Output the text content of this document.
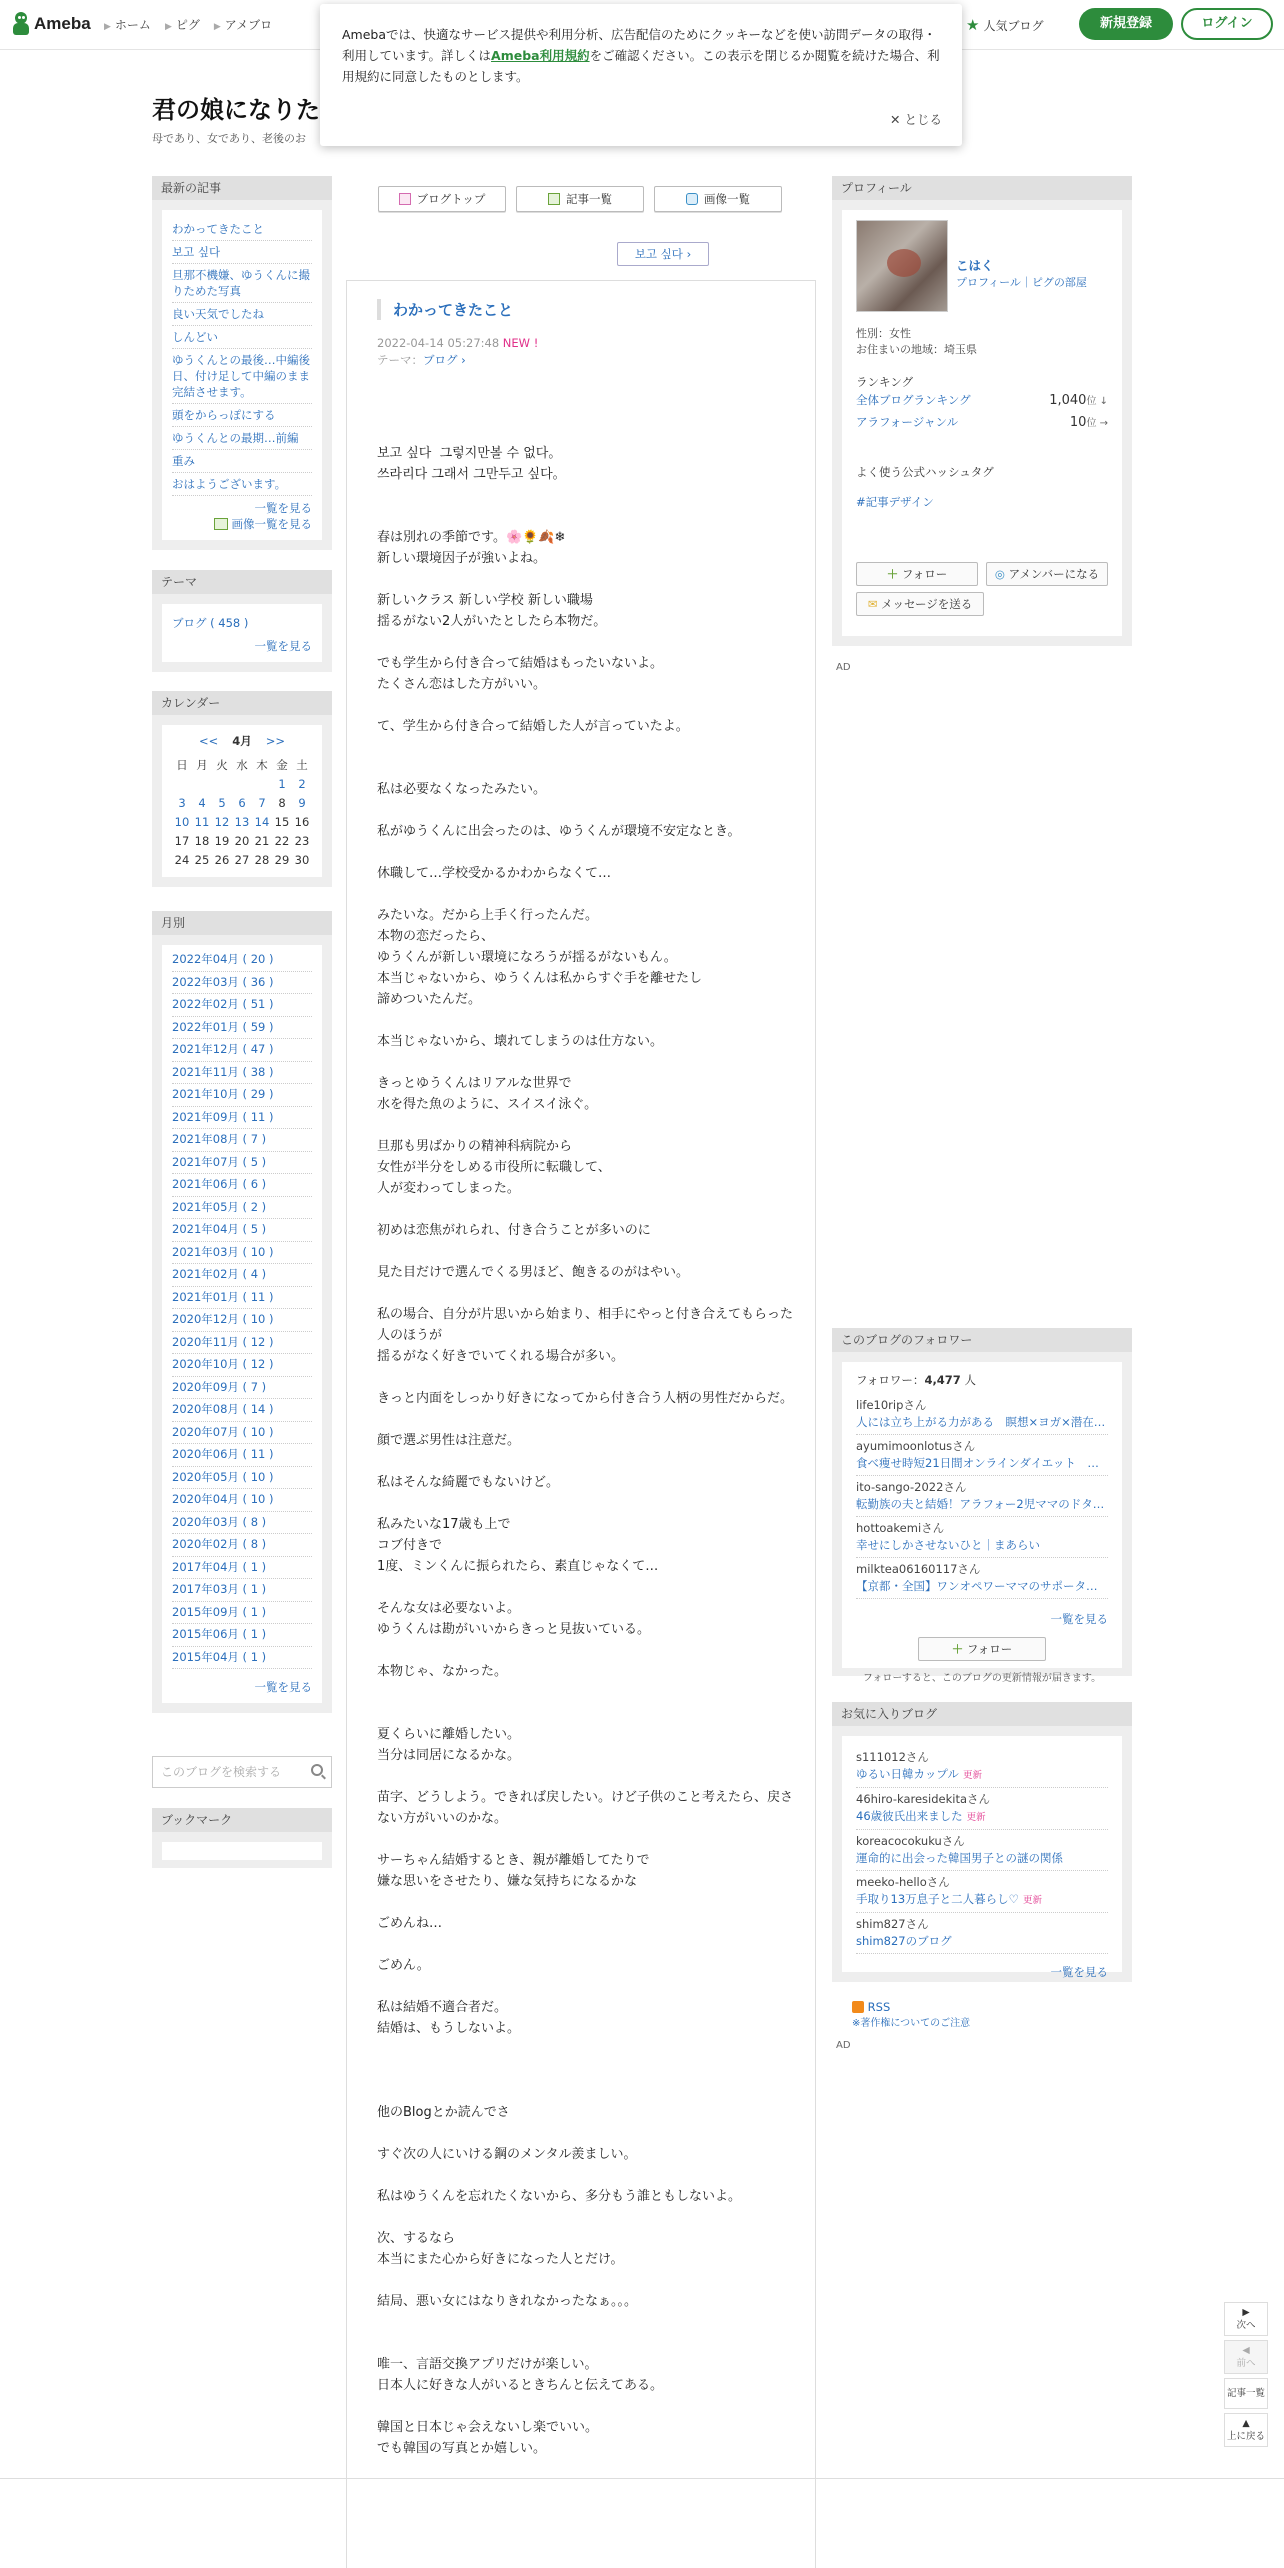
Ameba ▶ ホーム ▶ ピグ ▶ アメブロ	★ 人気ブログ	新規登録	ログイン
Amebaでは、快適なサービス提供や利用分析、広告配信のためにクッキーなどを使い訪問データの取得・利用しています。詳しくはAmeba利用規約をご確認ください。この表示を閉じるか閲覧を続けた場合、利用規約に同意したものとします。
✕ とじる
君の娘になりた
母であり、女であり、老後のお
最新の記事
わかってきたこと
보고 싶다
旦那不機嫌、ゆうくんに撮りためた写真
良い天気でしたね
しんどい
ゆうくんとの最後…中編後日、付け足して中編のまま完結させます。
頭をからっぽにする
ゆうくんとの最期…前編
重み
おはようございます。
一覧を見る
画像一覧を見る
テーマ
ブログ ( 458 )
一覧を見る
カレンダー
<< 4月 >>
日	月	火	水	木	金	土
					1	2
3	4	5	6	7	8	9
10	11	12	13	14	15	16
17	18	19	20	21	22	23
24	25	26	27	28	29	30
月別
2022年04月 ( 20 )
2022年03月 ( 36 )
2022年02月 ( 51 )
2022年01月 ( 59 )
2021年12月 ( 47 )
2021年11月 ( 38 )
2021年10月 ( 29 )
2021年09月 ( 11 )
2021年08月 ( 7 )
2021年07月 ( 5 )
2021年06月 ( 6 )
2021年05月 ( 2 )
2021年04月 ( 5 )
2021年03月 ( 10 )
2021年02月 ( 4 )
2021年01月 ( 11 )
2020年12月 ( 10 )
2020年11月 ( 12 )
2020年10月 ( 12 )
2020年09月 ( 7 )
2020年08月 ( 14 )
2020年07月 ( 10 )
2020年06月 ( 11 )
2020年05月 ( 10 )
2020年04月 ( 10 )
2020年03月 ( 8 )
2020年02月 ( 8 )
2017年04月 ( 1 )
2017年03月 ( 1 )
2015年09月 ( 1 )
2015年06月 ( 1 )
2015年04月 ( 1 )
一覧を見る
このブログを検索する
ブックマーク
ブログトップ	記事一覧	画像一覧
보고 싶다 ›
わかってきたこと
2022-04-14 05:27:48 NEW !
テーマ：ブログ ›

보고 싶다  그렇지만볼 수 없다。

쓰라리다 그래서 그만두고 싶다。

春は別れの季節です。🌸🌻🍂❄

新しい環境因子が強いよね。

新しいクラス 新しい学校 新しい職場

揺るがない2人がいたとしたら本物だ。

でも学生から付き合って結婚はもったいないよ。

たくさん恋はした方がいい。

て、学生から付き合って結婚した人が言っていたよ。

私は必要なくなったみたい。

私がゆうくんに出会ったのは、ゆうくんが環境不安定なとき。

休職して…学校受かるかわからなくて…

みたいな。だから上手く行ったんだ。

本物の恋だったら、

ゆうくんが新しい環境になろうが揺るがないもん。

本当じゃないから、ゆうくんは私からすぐ手を離せたし

諦めついたんだ。

本当じゃないから、壊れてしまうのは仕方ない。

きっとゆうくんはリアルな世界で

水を得た魚のように、スイスイ泳ぐ。

旦那も男ばかりの精神科病院から

女性が半分をしめる市役所に転職して、

人が変わってしまった。

初めは恋焦がれられ、付き合うことが多いのに

見た目だけで選んでくる男ほど、飽きるのがはやい。

私の場合、自分が片思いから始まり、相手にやっと付き合えてもらった人のほうが

揺るがなく好きでいてくれる場合が多い。

きっと内面をしっかり好きになってから付き合う人柄の男性だからだ。

顔で選ぶ男性は注意だ。

私はそんな綺麗でもないけど。

私みたいな17歳も上で

コブ付きで

1度、ミンくんに振られたら、素直じゃなくて…

そんな女は必要ないよ。

ゆうくんは勘がいいからきっと見抜いている。

本物じゃ、なかった。

夏くらいに離婚したい。

当分は同居になるかな。

苗字、どうしよう。できれば戻したい。けど子供のこと考えたら、戻さない方がいいのかな。

サーちゃん結婚するとき、親が離婚してたりで

嫌な思いをさせたり、嫌な気持ちになるかな

ごめんね…

ごめん。

私は結婚不適合者だ。

結婚は、もうしないよ。

他のBlogとか読んでさ

すぐ次の人にいける鋼のメンタル羨ましい。

私はゆうくんを忘れたくないから、多分もう誰ともしないよ。

次、するなら

本当にまた心から好きになった人とだけ。

結局、悪い女にはなりきれなかったなぁ。。。

唯一、言語交換アプリだけが楽しい。

日本人に好きな人がいるときちんと伝えてある。

韓国と日本じゃ会えないし楽でいい。

でも韓国の写真とか嬉しい。

プロフィール
こはく
プロフィール｜ピグの部屋
性別：女性
お住まいの地域：埼玉県
ランキング
全体ブログランキング	1,040位 ↓
アラフォージャンル	10位 →
よく使う公式ハッシュタグ
#記事デザイン
＋ フォロー	◎ アメンバーになる
✉ メッセージを送る
AD
このブログのフォロワー
フォロワー：4,477 人
life10ripさん
人には立ち上がる力がある　瞑想×ヨガ×潜在…
ayumimoonlotusさん
食べ痩せ時短21日間オンラインダイエット　…
ito-sango-2022さん
転勤族の夫と結婚！アラフォー2児ママのドタ…
hottoakemiさん
幸せにしかさせないひと｜まあらい
milktea06160117さん
【京都・全国】ワンオペワーママのサポータ…
一覧を見る
＋ フォロー
フォローすると、このブログの更新情報が届きます。
お気に入りブログ
s111012さん
ゆるい日韓カップル 更新
46hiro-karesidekitaさん
46歳彼氏出来ました 更新
koreacocokukuさん
運命的に出会った韓国男子との謎の関係
meeko-helloさん
手取り13万息子と二人暮らし♡ 更新
shim827さん
shim827のブログ
一覧を見る
RSS
※著作権についてのご注意
AD
▶
次へ
◀
前へ
記事一覧
▲
上に戻る
